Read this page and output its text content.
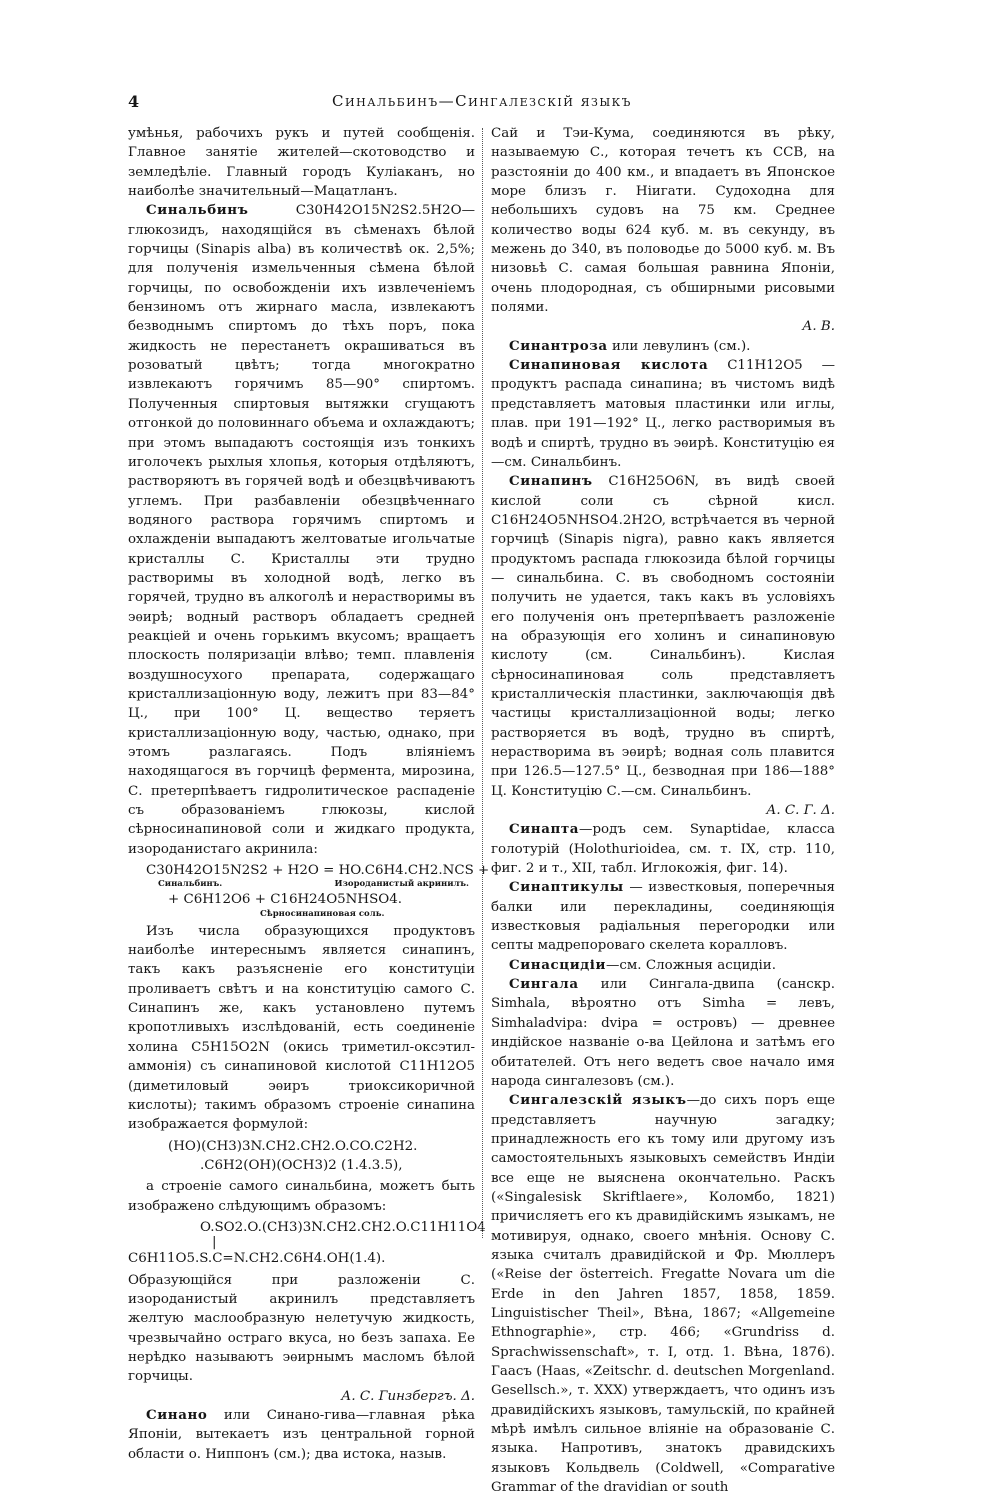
4	Синальбинъ—Сингалезскій языкъ

умѣнья, рабочихъ рукъ и путей сообщенія. Главное занятіе жителей—скотоводство и земледѣліе. Главный городъ Куліаканъ, но наиболѣе значительный—Мацатланъ.

Синальбинъ	C30H42O15N2S2.5H2O—глюкозидъ, находящійся въ сѣменахъ бѣлой горчицы (Sinapis alba) въ количествѣ ок. 2,5%; для полученія измельченныя сѣмена бѣлой горчицы, по освобожденіи ихъ извлеченіемъ бензиномъ отъ жирнаго масла, извлекаютъ безводнымъ спиртомъ до тѣхъ поръ, пока жидкость не перестанетъ окрашиваться въ розоватый цвѣтъ; тогда многократно извлекаютъ горячимъ 85—90° спиртомъ. Полученныя спиртовыя вытяжки сгущаютъ отгонкой до половиннаго объема и охлаждаютъ; при этомъ выпадаютъ состоящія изъ тонкихъ иголочекъ рыхлыя хлопья, которыя отдѣляютъ, растворяютъ въ горячей водѣ и обезцвѣчиваютъ углемъ. При разбавленіи обезцвѣченнаго водяного раствора горячимъ спиртомъ и охлажденіи выпадаютъ желтоватые игольчатые кристаллы С. Кристаллы эти трудно растворимы въ холодной водѣ, легко въ горячей, трудно въ алкоголѣ и нерастворимы въ эѳирѣ; водный растворъ обладаетъ средней реакціей и очень горькимъ вкусомъ; вращаетъ плоскость поляризаціи влѣво; темп. плавленія воздушносухого препарата, содержащаго кристаллизаціонную воду, лежитъ при 83—84° Ц., при 100° Ц. вещество теряетъ кристаллизаціонную воду, частью, однако, при этомъ разлагаясь. Подъ вліяніемъ находящагося въ горчицѣ фермента, мирозина, С. претерпѣваетъ гидролитическое распаденіе съ образованіемъ глюкозы, кислой сѣрносинапиновой соли и жидкаго продукта, изороданистаго акринила:

C30H42O15N2S2 + H2O = HO.C6H4.CH2.NCS +
Синальбинъ.	Изороданистый акринилъ.
+ C6H12O6 + C16H24O5NHSO4.
Сѣрносинапиновая соль.

Изъ числа образующихся продуктовъ наиболѣе интереснымъ является синапинъ, такъ какъ разъясненіе его конституціи проливаетъ свѣтъ и на конституцію самого С. Синапинъ же, какъ установлено путемъ кропотливыхъ изслѣдованій, есть соединеніе холина C5H15O2N (окись триметил-оксэтил-аммонія) съ синапиновой кислотой C11H12O5 (диметиловый эѳиръ триоксикоричной кислоты); такимъ образомъ строеніе синапина изображается формулой:

(HO)(CH3)3N.CH2.CH2.O.CO.C2H2.
.C6H2(OH)(OCH3)2 (1.4.3.5),

а строеніе самого синальбина, можетъ быть изображено слѣдующимъ образомъ:

O.SO2.O.(CH3)3N.CH2.CH2.O.C11H11O4
|
C6H11O5.S.C=N.CH2.C6H4.OH(1.4).

Образующійся при разложеніи С. изороданистый акринилъ представляетъ желтую маслообразную нелетучую жидкость, чрезвычайно остраго вкуса, но безъ запаха. Ее нерѣдко называютъ эѳирнымъ масломъ бѣлой горчицы.

А. С. Гинзбергъ. Δ.

Синано или Синано-гива—главная рѣка Японіи, вытекаетъ изъ центральной горной области о. Ниппонъ (см.); два истока, назыв.

Сай и Тэи-Кума, соединяются въ рѣку, называемую С., которая течетъ къ ССВ, на разстояніи до 400 км., и впадаетъ въ Японское море близъ г. Ніигати. Судоходна для небольшихъ судовъ на 75 км. Среднее количество воды 624 куб. м. въ секунду, въ межень до 340, въ половодье до 5000 куб. м. Въ низовьѣ С. самая большая равнина Японіи, очень плодородная, съ обширными рисовыми полями.

А. В.

Синантроза или левулинъ (см.).

Синапиновая кислота C11H12O5 — продуктъ распада синапина; въ чистомъ видѣ представляетъ матовыя пластинки или иглы, плав. при 191—192° Ц., легко растворимыя въ водѣ и спиртѣ, трудно въ эѳирѣ. Конституцію ея—см. Синальбинъ.

Синапинъ C16H25O6N, въ видѣ своей кислой соли съ сѣрной кисл. C16H24O5NHSO4.2H2O, встрѣчается въ черной горчицѣ (Sinapis nigra), равно какъ является продуктомъ распада глюкозида бѣлой горчицы — синальбина. С. въ свободномъ состояніи получить не удается, такъ какъ въ условіяхъ его полученія онъ претерпѣваетъ разложеніе на образующія его холинъ и синапиновую кислоту (см. Синальбинъ). Кислая сѣрносинапиновая соль представляетъ кристаллическія пластинки, заключающія двѣ частицы кристаллизаціонной воды; легко растворяется въ водѣ, трудно въ спиртѣ, нерастворима въ эѳирѣ; водная соль плавится при 126.5—127.5° Ц., безводная при 186—188° Ц. Конституцію С.—см. Синальбинъ.

А. С. Г. Δ.

Синапта—родъ сем. Synaptidae, класса голотурій (Holothurioidea, см. т. IX, стр. 110, фиг. 2 и т., XII, табл. Иглокожія, фиг. 14).

Синаптикулы — известковыя, поперечныя балки или перекладины, соединяющія известковыя радіальныя перегородки или септы мадрепороваго скелета коралловъ.

Синасцидіи—см. Сложныя асцидіи.

Сингала или Сингала-двипа (санскр. Simhala, вѣроятно отъ Simha = левъ, Simhaladvipa: dvipa = островъ) — древнее индійское названіе о-ва Цейлона и затѣмъ его обитателей. Отъ него ведетъ свое начало имя народа сингалезовъ (см.).

Сингалезскій языкъ—до сихъ поръ еще представляетъ научную загадку; принадлежность его къ тому или другому изъ самостоятельныхъ языковыхъ семействъ Индіи все еще не выяснена окончательно. Раскъ («Singalesisk Skriftlaere», Коломбо, 1821) причисляетъ его къ дравидійскимъ языкамъ, не мотивируя, однако, своего мнѣнія. Основу С. языка считалъ дравидійской и Фр. Мюллеръ («Reise der österreich. Fregatte Novara um die Erde in den Jahren 1857, 1858, 1859. Linguistischer Theil», Вѣна, 1867; «Allgemeine Ethnographie», стр. 466; «Grundriss d. Sprachwissenschaft», т. I, отд. 1. Вѣна, 1876). Гаасъ (Haas, «Zeitschr. d. deutschen Morgenland. Gesellsch.», т. XXX) утверждаетъ, что одинъ изъ дравидійскихъ языковъ, тамульскій, по крайней мѣрѣ имѣлъ сильное вліяніе на образованіе С. языка. Напротивъ, знатокъ дравидскихъ языковъ Кольдвель (Coldwell, «Comparative Grammar of the dravidian or south
